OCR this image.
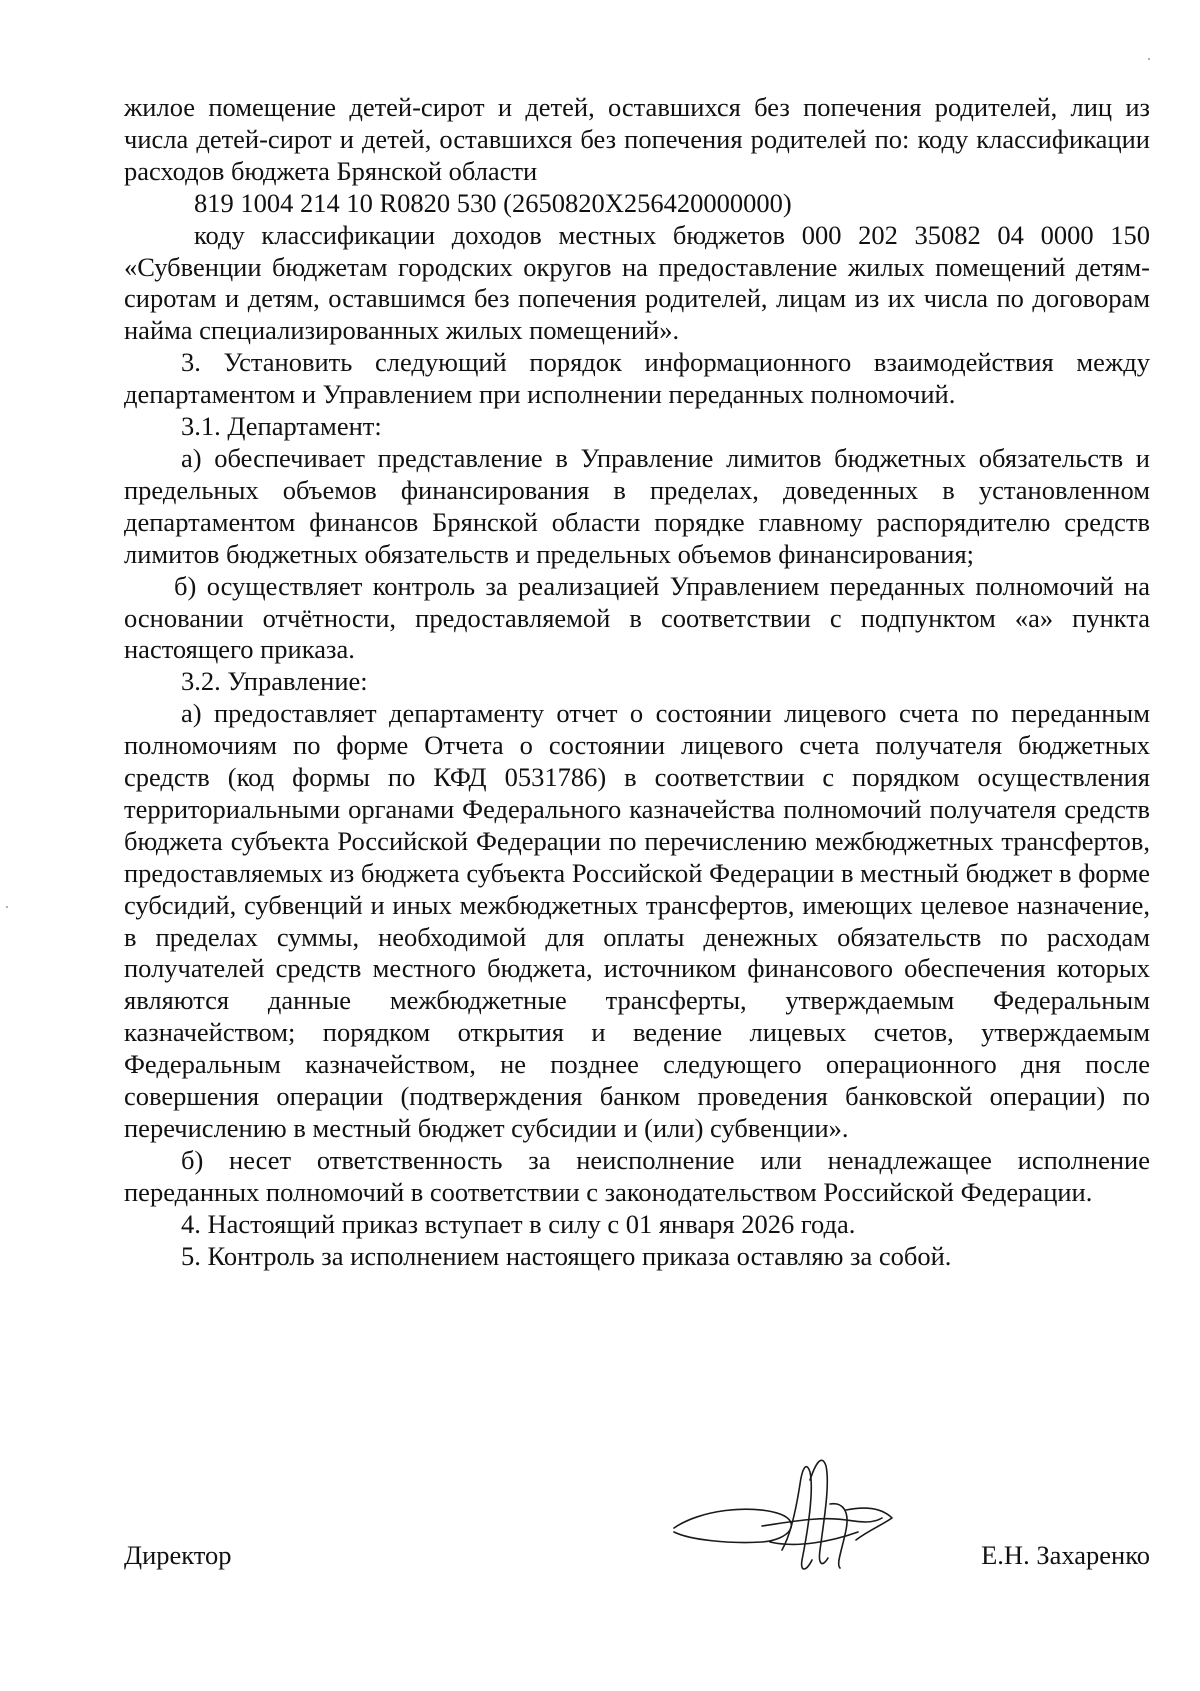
жилое помещение детей-сирот и детей, оставшихся без попечения родителей, лиц из числа детей-сирот и детей, оставшихся без попечения родителей по: коду классификации расходов бюджета Брянской области

819 1004 214 10 R0820 530 (2650820Х256420000000)

коду классификации доходов местных бюджетов 000 202 35082 04 0000 150 «Субвенции бюджетам городских округов на предоставление жилых помещений детям-сиротам и детям, оставшимся без попечения родителей, лицам из их числа по договорам найма специализированных жилых помещений».

3. Установить следующий порядок информационного взаимодействия между департаментом и Управлением при исполнении переданных полномочий.

3.1. Департамент:

а) обеспечивает представление в Управление лимитов бюджетных обязательств и предельных объемов финансирования в пределах, доведенных в установленном департаментом финансов Брянской области порядке главному распорядителю средств лимитов бюджетных обязательств и предельных объемов финансирования;

б) осуществляет контроль за реализацией Управлением переданных полномочий на основании отчётности, предоставляемой в соответствии с подпунктом «а» пункта настоящего приказа.

3.2. Управление:

а) предоставляет департаменту отчет о состоянии лицевого счета по переданным полномочиям по форме Отчета о состоянии лицевого счета получателя бюджетных средств (код формы по КФД 0531786) в соответствии с порядком осуществления территориальными органами Федерального казначейства полномочий получателя средств бюджета субъекта Российской Федерации по перечислению межбюджетных трансфертов, предоставляемых из бюджета субъекта Российской Федерации в местный бюджет в форме субсидий, субвенций и иных межбюджетных трансфертов, имеющих целевое назначение, в пределах суммы, необходимой для оплаты денежных обязательств по расходам получателей средств местного бюджета, источником финансового обеспечения которых являются данные межбюджетные трансферты, утверждаемым Федеральным казначейством; порядком открытия и ведение лицевых счетов, утверждаемым Федеральным казначейством, не позднее следующего операционного дня после совершения операции (подтверждения банком проведения банковской операции) по перечислению в местный бюджет субсидии и (или) субвенции».

б) несет ответственность за неисполнение или ненадлежащее исполнение переданных полномочий в соответствии с законодательством Российской Федерации.

4. Настоящий приказ вступает в силу с 01 января 2026 года.

5. Контроль за исполнением настоящего приказа оставляю за собой.

Директор	Е.Н. Захаренко
